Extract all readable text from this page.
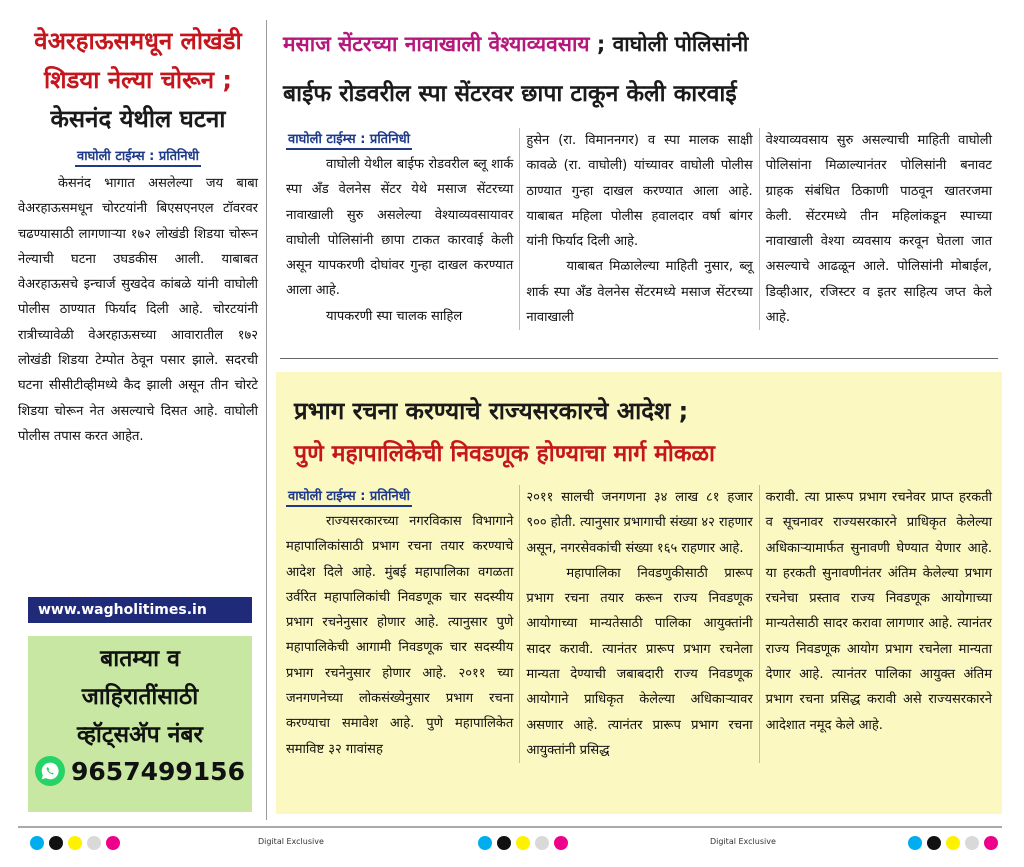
वेअरहाऊसमधून लोखंडी शिडया नेल्या चोरून ;
केसनंद येथील घटना
वाघोली टाईम्स : प्रतिनिधी

केसनंद भागात असलेल्या जय बाबा वेअरहाऊसमधून चोरटयांनी बिएसएनएल टॉवरवर चढण्यासाठी लागणाऱ्या १७२ लोखंडी शिडया चोरून नेल्याची घटना उघडकीस आली. याबाबत वेअरहाऊसचे इन्चार्ज सुखदेव कांबळे यांनी वाघोली पोलीस ठाण्यात फिर्याद दिली आहे. चोरटयांनी रात्रीच्यावेळी वेअरहाऊसच्या आवारातील १७२ लोखंडी शिडया टेम्पोत ठेवून पसार झाले. सदरची घटना सीसीटीव्हीमध्ये कैद झाली असून तीन चोरटे शिडया चोरून नेत असल्याचे दिसत आहे. वाघोली पोलीस तपास करत आहेत.

www.wagholitimes.in
बातम्या व
जाहिरातींसाठी
व्हॉट्सअ‍ॅप नंबर
9657499156
मसाज सेंटरच्या नावाखाली वेश्याव्यवसाय ; वाघोली पोलिसांनी
बाईफ रोडवरील स्पा सेंटरवर छापा टाकून केली कारवाई
वाघोली टाईम्स : प्रतिनिधी

वाघोली येथील बाईफ रोडवरील ब्लू शार्क स्पा अँड वेलनेस सेंटर येथे मसाज सेंटरच्या नावाखाली सुरु असलेल्या वेश्याव्यवसायावर वाघोली पोलिसांनी छापा टाकत कारवाई केली असून यापकरणी दोघांवर गुन्हा दाखल करण्यात आला आहे.

यापकरणी स्पा चालक साहिल

हुसेन (रा. विमाननगर) व स्पा मालक साक्षी कावळे (रा. वाघोली) यांच्यावर वाघोली पोलीस ठाण्यात गुन्हा दाखल करण्यात आला आहे. याबाबत महिला पोलीस हवालदार वर्षा बांगर यांनी फिर्याद दिली आहे.

याबाबत मिळालेल्या माहिती नुसार, ब्लू शार्क स्पा अँड वेलनेस सेंटरमध्ये मसाज सेंटरच्या नावाखाली

वेश्याव्यवसाय सुरु असल्याची माहिती वाघोली पोलिसांना मिळाल्यानंतर पोलिसांनी बनावट ग्राहक संबंधित ठिकाणी पाठवून खातरजमा केली. सेंटरमध्ये तीन महिलांकडून स्पाच्या नावाखाली वेश्या व्यवसाय करवून घेतला जात असल्याचे आढळून आले. पोलिसांनी मोबाईल, डिव्हीआर, रजिस्टर व इतर साहित्य जप्त केले आहे.

प्रभाग रचना करण्याचे राज्यसरकारचे आदेश ;
पुणे महापालिकेची निवडणूक होण्याचा मार्ग मोकळा
वाघोली टाईम्स : प्रतिनिधी

राज्यसरकारच्या नगरविकास विभागाने महापालिकांसाठी प्रभाग रचना तयार करण्याचे आदेश दिले आहे. मुंबई महापालिका वगळता उर्वरित महापालिकांची निवडणूक चार सदस्यीय प्रभाग रचनेनुसार होणार आहे. त्यानुसार पुणे महापालिकेची आगामी निवडणूक चार सदस्यीय प्रभाग रचनेनुसार होणार आहे. २०११ च्या जनगणनेच्या लोकसंख्येनुसार प्रभाग रचना करण्याचा समावेश आहे. पुणे महापालिकेत समाविष्ट ३२ गावांसह

२०११ सालची जनगणना ३४ लाख ८१ हजार ९०० होती. त्यानुसार प्रभागाची संख्या ४२ राहणार असून, नगरसेवकांची संख्या १६५ राहणार आहे.

महापालिका निवडणुकीसाठी प्रारूप प्रभाग रचना तयार करून राज्य निवडणूक आयोगाच्या मान्यतेसाठी पालिका आयुक्तांनी सादर करावी. त्यानंतर प्रारूप प्रभाग रचनेला मान्यता देण्याची जबाबदारी राज्य निवडणूक आयोगाने प्राधिकृत केलेल्या अधिकाऱ्यावर असणार आहे. त्यानंतर प्रारूप प्रभाग रचना आयुक्तांनी प्रसिद्ध

करावी. त्या प्रारूप प्रभाग रचनेवर प्राप्त हरकती व सूचनावर राज्यसरकारने प्राधिकृत केलेल्या अधिकाऱ्यामार्फत सुनावणी घेण्यात येणार आहे. या हरकती सुनावणीनंतर अंतिम केलेल्या प्रभाग रचनेचा प्रस्ताव राज्य निवडणूक आयोगाच्या मान्यतेसाठी सादर करावा लागणार आहे. त्यानंतर राज्य निवडणूक आयोग प्रभाग रचनेला मान्यता देणार आहे. त्यानंतर पालिका आयुक्त अंतिम प्रभाग रचना प्रसिद्ध करावी असे राज्यसरकारने आदेशात नमूद केले आहे.

Digital Exclusive	Digital Exclusive
